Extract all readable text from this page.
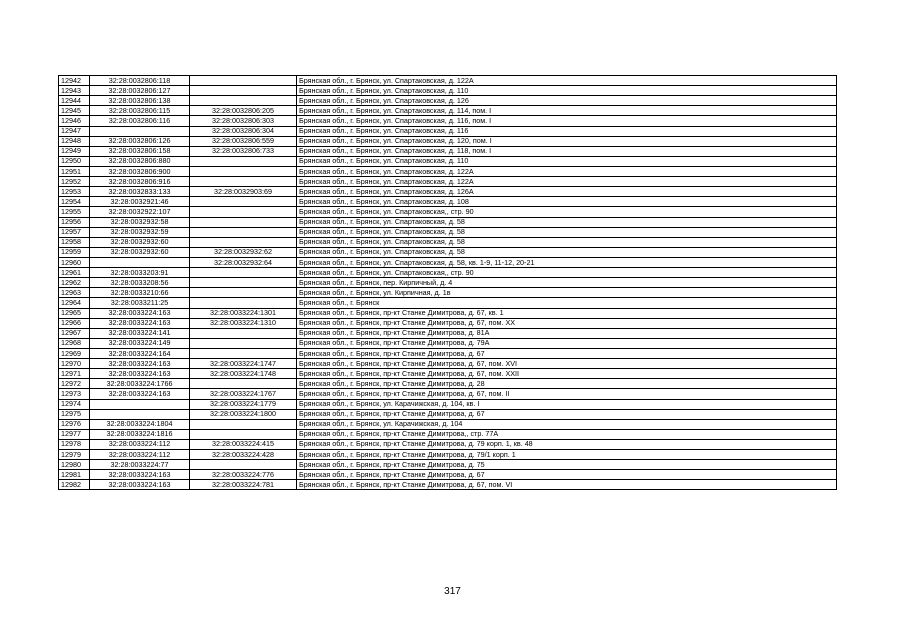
12942	32:28:0032806:118		Брянская обл., г. Брянск, ул. Спартаковская, д. 122А
12943	32:28:0032806:127		Брянская обл., г. Брянск, ул. Спартаковская, д. 110
12944	32:28:0032806:138		Брянская обл., г. Брянск, ул. Спартаковская, д. 126
12945	32:28:0032806:115	32:28:0032806:205	Брянская обл., г. Брянск, ул. Спартаковская, д. 114, пом. I
12946	32:28:0032806:116	32:28:0032806:303	Брянская обл., г. Брянск, ул. Спартаковская, д. 116, пом. I
12947		32:28:0032806:304	Брянская обл., г. Брянск, ул. Спартаковская, д. 116
12948	32:28:0032806:126	32:28:0032806:559	Брянская обл., г. Брянск, ул. Спартаковская, д. 120, пом. I
12949	32:28:0032806:158	32:28:0032806:733	Брянская обл., г. Брянск, ул. Спартаковская, д. 118, пом. I
12950	32:28:0032806:880		Брянская обл., г. Брянск, ул. Спартаковская, д. 110
12951	32:28:0032806:900		Брянская обл., г. Брянск, ул. Спартаковская, д. 122А
12952	32:28:0032806:916		Брянская обл., г. Брянск, ул. Спартаковская, д. 122А
12953	32:28:0032833:133	32:28:0032903:69	Брянская обл., г. Брянск, ул. Спартаковская, д. 126А
12954	32:28:0032921:46		Брянская обл., г. Брянск, ул. Спартаковская, д. 108
12955	32:28:0032922:107		Брянская обл., г. Брянск, ул. Спартаковская,, стр. 90
12956	32:28:0032932:58		Брянская обл., г. Брянск, ул. Спартаковская, д. 58
12957	32:28:0032932:59		Брянская обл., г. Брянск, ул. Спартаковская, д. 58
12958	32:28:0032932:60		Брянская обл., г. Брянск, ул. Спартаковская, д. 58
12959	32:28:0032932:60	32:28:0032932:62	Брянская обл., г. Брянск, ул. Спартаковская, д. 58
12960		32:28:0032932:64	Брянская обл., г. Брянск, ул. Спартаковская, д. 58, кв. 1-9, 11-12, 20-21
12961	32:28:0033203:91		Брянская обл., г. Брянск, ул. Спартаковская,, стр. 90
12962	32:28:0033208:56		Брянская обл., г. Брянск, пер. Кирпичный, д. 4
12963	32:28:0033210:66		Брянская обл., г. Брянск, ул. Кирпичная, д. 1в
12964	32:28:0033211:25		Брянская обл., г. Брянск
12965	32:28:0033224:163	32:28:0033224:1301	Брянская обл., г. Брянск, пр-кт Станке Димитрова, д. 67, кв. 1
12966	32:28:0033224:163	32:28:0033224:1310	Брянская обл., г. Брянск, пр-кт Станке Димитрова, д. 67, пом. XX
12967	32:28:0033224:141		Брянская обл., г. Брянск, пр-кт Станке Димитрова, д. 81А
12968	32:28:0033224:149		Брянская обл., г. Брянск, пр-кт Станке Димитрова, д. 79А
12969	32:28:0033224:164		Брянская обл., г. Брянск, пр-кт Станке Димитрова, д. 67
12970	32:28:0033224:163	32:28:0033224:1747	Брянская обл., г. Брянск, пр-кт Станке Димитрова, д. 67, пом. XVI
12971	32:28:0033224:163	32:28:0033224:1748	Брянская обл., г. Брянск, пр-кт Станке Димитрова, д. 67, пом. XXII
12972	32:28:0033224:1766		Брянская обл., г. Брянск, пр-кт Станке Димитрова, д. 28
12973	32:28:0033224:163	32:28:0033224:1767	Брянская обл., г. Брянск, пр-кт Станке Димитрова, д. 67, пом. II
12974		32:28:0033224:1779	Брянская обл., г. Брянск, ул. Карачижская, д. 104, кв. I
12975		32:28:0033224:1800	Брянская обл., г. Брянск, пр-кт Станке Димитрова, д. 67
12976	32:28:0033224:1804		Брянская обл., г. Брянск, ул. Карачижская, д. 104
12977	32:28:0033224:1816		Брянская обл., г. Брянск, пр-кт Станке Димитрова,, стр. 77А
12978	32:28:0033224:112	32:28:0033224:415	Брянская обл., г. Брянск, пр-кт Станке Димитрова, д. 79 корп. 1, кв. 48
12979	32:28:0033224:112	32:28:0033224:428	Брянская обл., г. Брянск, пр-кт Станке Димитрова, д. 79/1 корп. 1
12980	32:28:0033224:77		Брянская обл., г. Брянск, пр-кт Станке Димитрова, д. 75
12981	32:28:0033224:163	32:28:0033224:776	Брянская обл., г. Брянск, пр-кт Станке Димитрова, д. 67
12982	32:28:0033224:163	32:28:0033224:781	Брянская обл., г. Брянск, пр-кт Станке Димитрова, д. 67, пом. VI
317
